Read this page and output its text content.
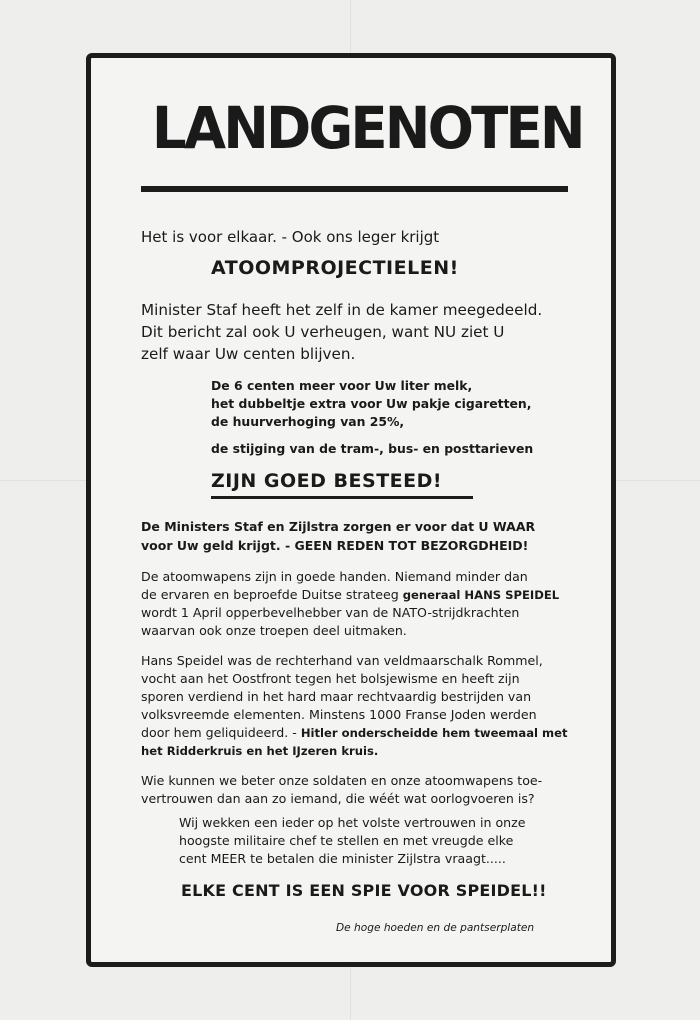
LANDGENOTEN
Het is voor elkaar. - Ook ons leger krijgt
ATOOMPROJECTIELEN!
Minister Staf heeft het zelf in de kamer meegedeeld.
Dit bericht zal ook U verheugen, want NU ziet U
zelf waar Uw centen blijven.
De 6 centen meer voor Uw liter melk,
het dubbeltje extra voor Uw pakje cigaretten,
de huurverhoging van 25%,
de stijging van de tram-, bus- en posttarieven
ZIJN GOED BESTEED!
De Ministers Staf en Zijlstra zorgen er voor dat U WAAR
voor Uw geld krijgt. - GEEN REDEN TOT BEZORGDHEID!
De atoomwapens zijn in goede handen. Niemand minder dan
de ervaren en beproefde Duitse strateeg generaal HANS SPEIDEL
wordt 1 April opperbevelhebber van de NATO-strijdkrachten
waarvan ook onze troepen deel uitmaken.
Hans Speidel was de rechterhand van veldmaarschalk Rommel,
vocht aan het Oostfront tegen het bolsjewisme en heeft zijn
sporen verdiend in het hard maar rechtvaardig bestrijden van
volksvreemde elementen. Minstens 1000 Franse Joden werden
door hem geliquideerd. - Hitler onderscheidde hem tweemaal met
het Ridderkruis en het IJzeren kruis.
Wie kunnen we beter onze soldaten en onze atoomwapens toe-
vertrouwen dan aan zo iemand, die wéét wat oorlogvoeren is?
Wij wekken een ieder op het volste vertrouwen in onze
hoogste militaire chef te stellen en met vreugde elke
cent MEER te betalen die minister Zijlstra vraagt.....
ELKE CENT IS EEN SPIE VOOR SPEIDEL!!
De hoge hoeden en de pantserplaten
